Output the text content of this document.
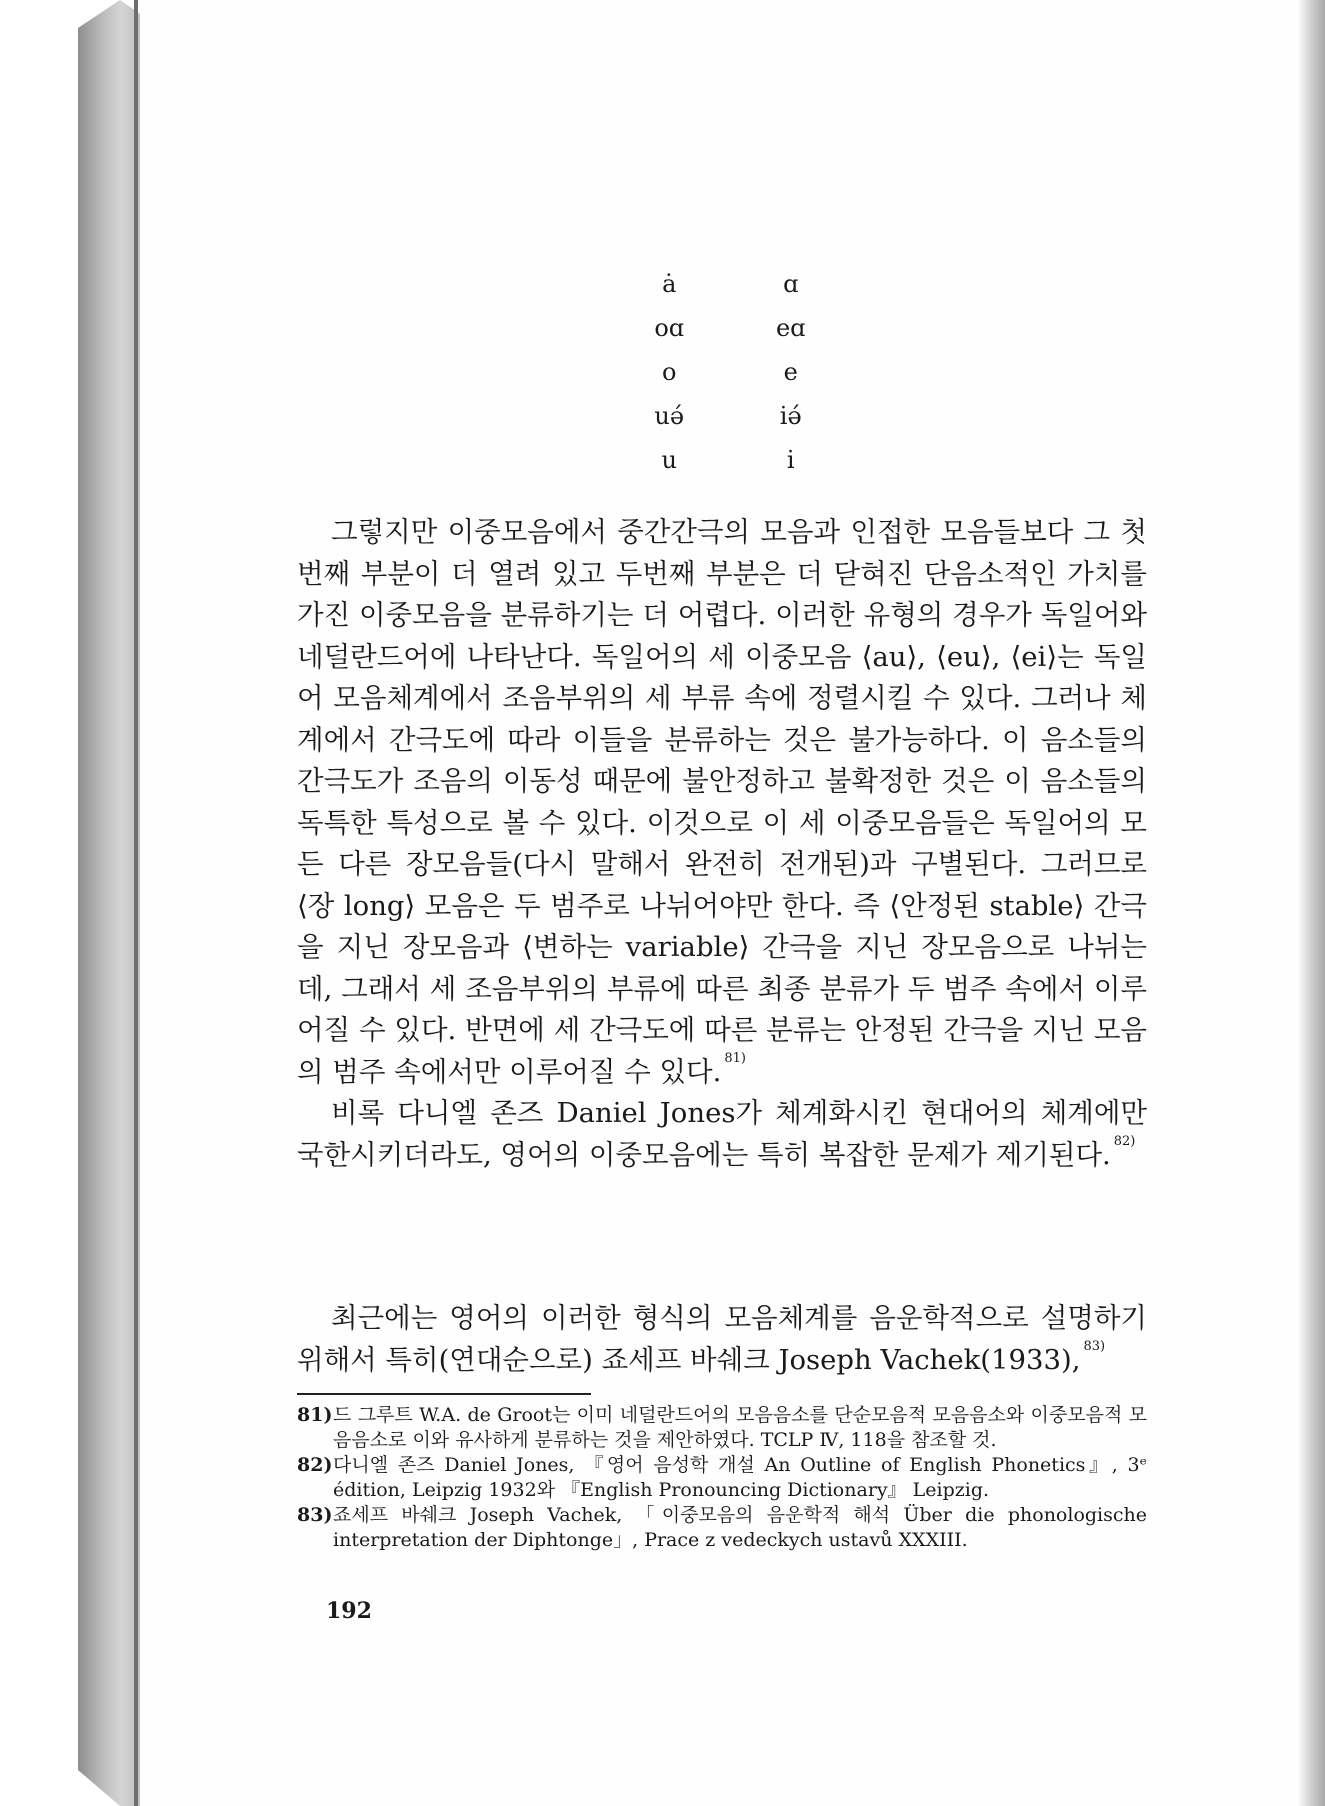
ȧ	ɑ
oɑ	eɑ
o	e
uə́	iə́
u	i

그렇지만 이중모음에서 중간간극의 모음과 인접한 모음들보다 그 첫번째 부분이 더 열려 있고 두번째 부분은 더 닫혀진 단음소적인 가치를 가진 이중모음을 분류하기는 더 어렵다. 이러한 유형의 경우가 독일어와 네덜란드어에 나타난다. 독일어의 세 이중모음 ⟨au⟩, ⟨eu⟩, ⟨ei⟩는 독일어 모음체계에서 조음부위의 세 부류 속에 정렬시킬 수 있다. 그러나 체계에서 간극도에 따라 이들을 분류하는 것은 불가능하다. 이 음소들의 간극도가 조음의 이동성 때문에 불안정하고 불확정한 것은 이 음소들의 독특한 특성으로 볼 수 있다. 이것으로 이 세 이중모음들은 독일어의 모든 다른 장모음들(다시 말해서 완전히 전개된)과 구별된다. 그러므로 ⟨장 long⟩ 모음은 두 범주로 나뉘어야만 한다. 즉 ⟨안정된 stable⟩ 간극을 지닌 장모음과 ⟨변하는 variable⟩ 간극을 지닌 장모음으로 나뉘는데, 그래서 세 조음부위의 부류에 따른 최종 분류가 두 범주 속에서 이루어질 수 있다. 반면에 세 간극도에 따른 분류는 안정된 간극을 지닌 모음의 범주 속에서만 이루어질 수 있다. $^{81)}$

비록 다니엘 존즈 Daniel Jones가 체계화시킨 현대어의 체계에만 국한시키더라도, 영어의 이중모음에는 특히 복잡한 문제가 제기된다. $^{82)}$

최근에는 영어의 이러한 형식의 모음체계를 음운학적으로 설명하기 위해서 특히(연대순으로) 죠세프 바쉐크 Joseph Vachek(1933), $^{83)}$

81) 드 그루트 W.A. de Groot는 이미 네덜란드어의 모음음소를 단순모음적 모음음소와 이중모음적 모음음소로 이와 유사하게 분류하는 것을 제안하였다. TCLP Ⅳ, 118을 참조할 것.
82) 다니엘 존즈 Daniel Jones, 『영어 음성학 개설 An Outline of English Phonetics』, 3ᵉ édition, Leipzig 1932와 『English Pronouncing Dictionary』 Leipzig.
83) 죠세프 바쉐크 Joseph Vachek, 「이중모음의 음운학적 해석 Über die phonologische interpretation der Diphtonge」, Prace z vedeckych ustavů XXXIII.
192
